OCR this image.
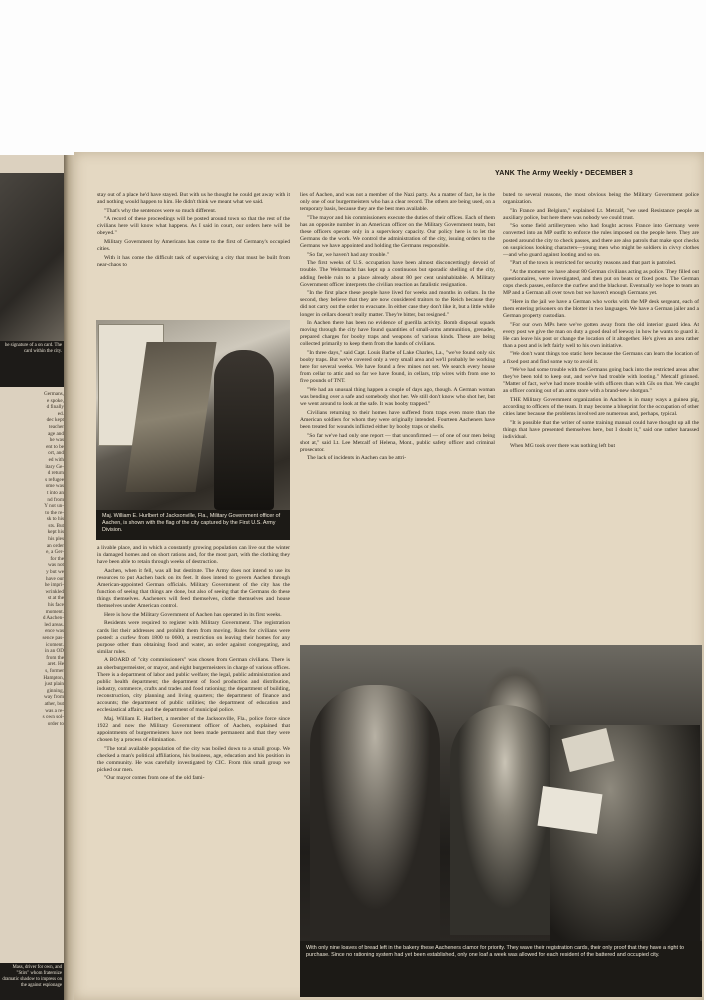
he signature of a on card. The card within the city.
Germans,
e spoke,
d finally
ed.
dec kept
teacher
age and
he was
ent to be
ort, and
ed with
itary Ge-
d return
s refugee
ome was
t into an
nd from
Y not un-
to the re-
sk to his
sts. But
kept his
his ples
an order
e, a Ger-
for the
was not
y but we
have our
he impri-
wrinkled
st at the
his face
moment.
d Aachen-
led areas.
ence was
sence pas-
icoment.
in an OD
from the
aret. He
s, former
Hampton,
just plain
ginning,
way from
ather, but
was a re-
s own sol-
order to
Mass, driver for own, and "Stirs" whom fraternize dramatic shadow to impress on the against espionage
YANK The Army Weekly • DECEMBER 3

stay out of a place he'd have stayed. But with us he thought he could get away with it and nothing would happen to him. He didn't think we meant what we said.

"That's why the sentences were so much different.

"A record of these proceedings will be posted around town so that the rest of the civilians here will know what happens. As I said in court, our orders here will be obeyed."

Military Government by Americans has come to the first of Germany's occupied cities.

With it has come the difficult task of supervising a city that must be built from near-chaos to

Maj. William E. Hurlbert of Jacksonville, Fla., Military Government officer of Aachen, is shown with the flag of the city captured by the First U.S. Army Division.

a livable place, and in which a constantly growing population can live out the winter in damaged homes and on short rations and, for the most part, with the clothing they have been able to retain through weeks of destruction.

Aachen, when it fell, was all but destitute. The Army does not intend to use its resources to put Aachen back on its feet. It does intend to govern Aachen through American-appointed German officials. Military Government of the city has the function of seeing that things are done, but also of seeing that the Germans do these things themselves. Aacheners will feed themselves, clothe themselves and house themselves under American control.

Here is how the Military Government of Aachen has operated in its first weeks.

Residents were required to register with Military Government. The registration cards list their addresses and prohibit them from moving. Rules for civilians were posted: a curfew from 1800 to 0600, a restriction on leaving their homes for any purpose other than obtaining food and water, an order against congregating, and similar rules.

A BOARD of "city commissioners" was chosen from German civilians. There is an oberburgermeister, or mayor, and eight burgermeisters in charge of various offices. There is a department of labor and public welfare; the legal, public administration and public health department; the department of food production and distribution, industry, commerce, crafts and trades and food rationing; the department of building, reconstruction, city planning and living quarters; the department of finance and accounts; the department of public utilities; the department of education and ecclesiastical affairs; and the department of municipal police.

Maj. William E. Hurlbert, a member of the Jacksonville, Fla., police force since 1922 and now the Military Government officer of Aachen, explained that appointments of burgermeisters have not been made permanent and that they were chosen by a process of elimination.

"The total available population of the city was boiled down to a small group. We checked a man's political affiliations, his business, age, education and his position in the community. He was carefully investigated by CIC. From this small group we picked our men.

"Our mayor comes from one of the old fami-

lies of Aachen, and was not a member of the Nazi party. As a matter of fact, he is the only one of our burgermeisters who has a clear record. The others are being used, on a temporary basis, because they are the best men available.

"The mayor and his commissioners execute the duties of their offices. Each of them has an opposite number in an American officer on the Military Government team, but these officers operate only in a supervisory capacity. Our policy here is to let the Germans do the work. We control the administration of the city, issuing orders to the Germans we have appointed and holding the Germans responsible.

"So far, we haven't had any trouble."

The first weeks of U.S. occupation have been almost disconcertingly devoid of trouble. The Wehrmacht has kept up a continuous but sporadic shelling of the city, adding feeble ruin to a place already about 80 per cent uninhabitable. A Military Government officer interprets the civilian reaction as fatalistic resignation.

"In the first place these people have lived for weeks and months in cellars. In the second, they believe that they are now considered traitors to the Reich because they did not carry out the order to evacuate. In either case they don't like it, but a little while longer in cellars doesn't really matter. They're bitter, but resigned."

In Aachen there has been no evidence of guerilla activity. Bomb disposal squads moving through the city have found quantities of small-arms ammunition, grenades, prepared charges for booby traps and weapons of various kinds. These are being collected primarily to keep them from the hands of civilians.

"In three days," said Capt. Louis Barbe of Lake Charles, La., "we've found only six booby traps. But we've covered only a very small area and we'll probably be working here for several weeks. We have found a few mines not set. We search every house from cellar to attic and so far we have found, in cellars, trip wires with from one to five pounds of TNT.

"We had an unusual thing happen a couple of days ago, though. A German woman was bending over a safe and somebody shot her. We still don't know who shot her, but we went around to look at the safe. It was booby trapped."

Civilians returning to their homes have suffered from traps even more than the American soldiers for whom they were originally intended. Fourteen Aacheners have been treated for wounds inflicted either by booby traps or shells.

"So far we've had only one report — that unconfirmed — of one of our men being shot at," said Lt. Lee Metcalf of Helena, Mont., public safety officer and criminal prosecutor.

The lack of incidents in Aachen can be attri-

buted to several reasons, the most obvious being the Military Government police organization.

"In France and Belgium," explained Lt. Metcalf, "we used Resistance people as auxiliary police, but here there was nobody we could trust.

"So some field artillerymen who had fought across France into Germany were converted into an MP outfit to enforce the rules imposed on the people here. They are posted around the city to check passes, and there are also patrols that make spot checks on suspicious looking characters—young men who might be soldiers in civvy clothes—and who guard against looting and so on.

"Part of the town is restricted for security reasons and that part is patroled.

"At the moment we have about 80 German civilians acting as police. They filled out questionnaires, were investigated, and then put on beats or fixed posts. The German cops check passes, enforce the curfew and the blackout. Eventually we hope to team an MP and a German all over town but we haven't enough Germans yet.

"Here in the jail we have a German who works with the MP desk sergeant, each of them entering prisoners on the blotter in two languages. We have a German jailer and a German property custodian.

"For our own MPs here we've gotten away from the old interior guard idea. At every post we give the man on duty a good deal of leeway in how he wants to guard it. He can leave his post or change the location of it altogether. He's given an area rather than a post and is left fairly well to his own initiative.

"We don't want things too static here because the Germans can learn the location of a fixed post and find some way to avoid it.

"We've had some trouble with the Germans going back into the restricted areas after they've been told to keep out, and we've had trouble with looting." Metcalf grinned. "Matter of fact, we've had more trouble with officers than with GIs on that. We caught an officer coming out of an arms store with a brand-new shotgun."

THE Military Government organization in Aachen is in many ways a guinea pig, according to officers of the team. It may become a blueprint for the occupation of other cities later because the problems involved are numerous and, perhaps, typical.

"It is possible that the writer of some training manual could have thought up all the things that have presented themselves here, but I doubt it," said one rather harassed individual.

When MG took over there was nothing left but

With only nine loaves of bread left in the bakery these Aacheners clamor for priority. They wave their registration cards, their only proof that they have a right to purchase. Since no rationing system had yet been established, only one loaf a week was allowed for each resident of the battered and occupied city.
